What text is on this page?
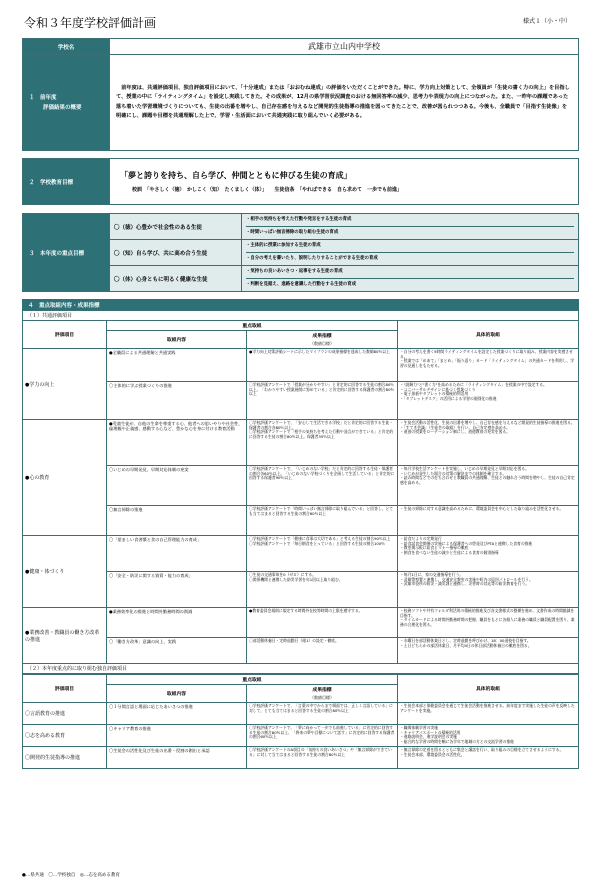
令和３年度学校評価計画	様式１（小・中）
学校名	武雄市立山内中学校

１　前年度
評価結果の概要	　前年度は、共通評価項目、独自評価項目において、「十分達成」または「おおむね達成」の評価をいただくことができた。特に、学力向上対策として、全領員が「生徒の書く力の向上」を目指して、授業の中に「ライティングタイム」を設定し実践してきた。その成果が、12月の県学習状況調査のおける無回答率の減少、思考力や表現力の向上につながった。また、一昨年の課題であった落ち着いた学習環境づくりについても、生徒の出番を増やし、自己存在感を与えるなど開発的生徒指導の推進を図ってきたことで、改善が図られつつある。今後も、全職員で「目指す生徒像」を明確にし、課題や目標を共通理解した上で、学習・生活面において共通実践に取り組んでいく必要がある。

２　学校教育目標	「夢と誇りを持ち、自ら学び、仲間とともに伸びる生徒の育成」
校訓　「やさしく（徳）　かしこく（知）　たくましく（体）」　　生徒信条　「やればできる　自ら求めて　一歩でも前進」

３　本年度の重点目標	〇（徳）心豊かで社会性のある生徒	・相手の気持ちを考えた行動や発言をする生徒の育成
・時間いっぱい無言掃除の取り組む生徒の育成

	〇（知）自ら学び、共に高め合う生徒	・主体的に授業に参加する生徒の育成
・自分の考えを書いたり、説明したりすることができる生徒の育成

	〇（体）心身ともに明るく健康な生徒	・気持ちの良いあいさつ・返事をする生徒の育成
・判断を見据え、進路を意識した行動をする生徒の育成
４　重点取組内容・成果指標
（１）共通評価項目
評価項目	重点取組		具体的取組
	取組内容	成果指標	
		（数値目標）	
●学力の向上	●全職員による共通理解と共通実践	●学力向上対策評価シートに示したマイプランの成果指標を達成した教師80％以上	・自分の考えを書く5時間ライティングタイムを設定した授業づくりに取り組み、授業内容を実感させる。
・授業では「めあて」「まとめ」「振り返り」カード「ライティングタイム」の共通カードを利用し、学習の見通しをもたせる。
	〇主体的に学ぶ授業づくりの推進	〇学校評価アンケートで「授業が分かりやすい」と肯定的に回答する生徒の割合80％以上、「わかりやすい授業展開に努めている」と肯定的に回答する保護者の割合80％以上	・"読解力"と"書く力"を高めるために「ライティングタイム」を授業の中で設定する。
・ユニバーサルデザインに基づく授業づくり
・電子黒板やタブレットの積極的利活用
・「タブレットデスク」の活用による学習の個別化の推進
●心の教育	●児童生徒が、自他の生命を尊重する心、他者への思いやりや社会性、倫理観や正義感、感動する心など、豊かな心を身に付ける教育活動	〇学校評価アンケートで、「安心して生活できる学校」だと肯定的に回答する生徒・保護者の割合各80％以上。
〇学校評価アンケートで「相手の気持ちを考えた行動や発言ができている」と肯定的に回答する生徒の割合80％以上。保護者35％以上	・生徒会活動の活性化、生徒の出番を増やし、自己存在感を与えるなど開発的生徒指導の推進を図る。
・「すてき会議」（生徒会の取組）を行い、自己肯定感を高める。
・道徳の授業をローテーション制にし、道徳教育の充実を図る。
	〇いじめの早期発見、早期対応体制の充実	〇学校評価アンケートで、「いじめのない学校」だと肯定的に回答する生徒・保護者の割合各80％以上。「いじめのない学校づくりを企画して生活している」と肯定的に回答する保護者90％以上	・毎月学校生活アンケートを実施し、いじめの早期発見と早期対応を図る。
・いじめが発生した場合の対策の解決までの体制を確立する。
・読み時間などでの打ち合わせと教職員の共通理解、生徒との触れ合う時間を増やし、生徒の自己肯定感を高める。
	〇無言掃除の推進	〇学校評価アンケートで「時間いっぱい無言掃除に取り組んでいる」と回答し、とても当てはまると回答する生徒の割合60％以上	・生徒の掃除に対する意識を高めるために、環境委員会を中心とした取り組みを活性化させる。
●健康・体づくり	〇「望ましい食習慣と食の自己管理能力の育成」	〇学校評価アンケートで「健康に食事は大切である」と考える生徒の割合90％以上
〇学校評価アンケートで「毎日朝食をとっている」と回答する生徒の割合100％	・給食だよりの定期発行
・給食試食会開催の実施による保護者への啓発及びPTAと連携した食育の推進
・教室掲示板に給食とマナー指導の徹底
・朝食を食べない生徒の減少と生徒による食育の個別指導
	〇「安全・防災に関する資質・能力の育成」	〇生徒の交通事故を0（ゼロ）にする。
〇関係機関と連携した防災学習を年1回以上取り組む。	・毎月1日に、家の交通指導を行う。
・武雄警察署と連携し、交通安全教室の実施や町内の巡回パトロールを行う。
・武雄市役所の防災・減災課と連携し、災害時の対応等の防災教育を行う。
●業務改善・教職員の働き方改革の推進	●業務効率化の推進と時間外勤務時間の削減	●教育委員会規則に規定する時間外在校等時間の上限を遵守する。	・校務ソフトや共有フォルダ利活用の積極的推進及び各文書様式の整備を進め、文書作成の時間縮減を目指す。
・タイムカードによる時間外勤務時間の把握、職員をもとに各個人に業務の職員と職員配置を図り、業務の合理化を図る。
	〇「働き方改革」意識の向上、実践	〇部活動休養日・定時退勤日（週1）の設定・徹底。	・水曜日を部活動休業日とし、定時退勤を呼びかけ、18：00退校を目指す。
・土日どちらかの部活休業日、月平均4日の休日部活動休養日の徹底を図る。
（２）本年度重点的に取り組む独自評価項目
評価項目	重点取組		具体的取組
	取組内容	成果指標	
		（数値目標）	
〇言語教育の推進	〇１分間言語と場面に応じたあいさつの推進	〇学校評価アンケートで、「言葉の中でからまで場面では、正しく言語している」に対して、とても当てはまると回答する生徒の割合80％以上	・生徒会本部と保健委員会を通じて生徒会活動を推進させる。前年度まで実施した生徒の声を反映したアンケートを実施。
〇志を高める教育	〇キャリア教育の推進	〇学校評価アンケートで、「夢に向かって一歩でも前進している」に肯定的に回答する生徒の割合80％以上、「将来の夢や目標について話す」に肯定的に回答する保護者の割合60％以上	・職場体験学習の実施
・キャリアパスポートの積極的活用
・進路説明会、進学説明会の実施
・総合的な学習の時間を軸に各学年で地域の方との交流学習の推進
〇開発的生徒指導の推進	〇生徒会の活性化及び生徒の出番・役割の創出と承認	〇学校評価アンケートのA項目の「気持ちの良いあいさつ」や「無言掃除ができている」に対して当てはまると回答する生徒の割合80％以上	・無言掃除の定着を図るとともに集会と講話を行い、取り組みの目標を立てさせるようにする。
・生徒会本部、環境委員会の活性化。
●…県共通　〇…学校独自　◎…志を高める教育
